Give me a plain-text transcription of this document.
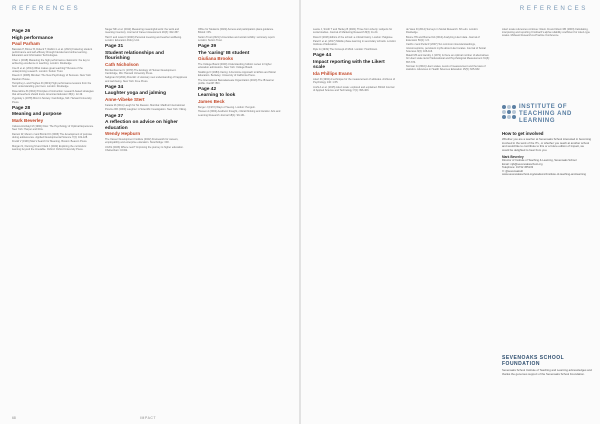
REFERENCES
Page 26
High performance
Paul Parham

Bazelais P, Binner B, Doleck T, Rahimi L et al. (2021) Fostering student performance and self-efficacy through blended and online learning. Education and Information Technologies.

Chen L (2018) Mastering the high performance classroom: the key to achieving excellence in teaching. London: Routledge.

Coe R et al. (2014) What makes great teaching? Review of the underpinning research. London: Sutton Trust.

Dweck C (2006) Mindset: The New Psychology of Success. New York: Random House.

Humphrey L and Hughes R (2019) High performance lessons from the field: understanding your best. London: Routledge.

Rosenshine B (2012) Principles of instruction: research-based strategies that all teachers should know. American Educator 36(1): 12-19.

Vygotsky L (1978) Mind in Society. Cambridge, MA: Harvard University Press.

Page 28
Meaning and purpose
Mark Beverley

Csikszentmihalyi M (1990) Flow: The Psychology of Optimal Experience. New York: Harper and Row.

Damon W, Menon J and Bronk KC (2003) The development of purpose during adolescence. Applied Developmental Science 7(3): 119-128.

Frankl V (1946) Man's Search for Meaning. Boston: Beacon Press.

Morgan N, Fleming M and Clark J (2022) Exploring the curriculum: learning beyond the timetable. Oxford: Oxford University Press.

Steger MF et al. (2012) Measuring meaningful work: the work and meaning inventory. Journal of Career Assessment 20(3): 322-337.

Hart K and Laws N (2020) Personal meaning and teacher wellbeing. London: Education Policy Unit.

Page 31
Student relationships and flourishing
Cath Nicholson

Bronfenbrenner U (1979) The Ecology of Human Development. Cambridge, MA: Harvard University Press.

Seligman M (2011) Flourish: A visionary new understanding of happiness and well-being. New York: Free Press.

Page 34
Laughter yoga and jalming
Anne-Vibeke Stert

Kataria M (2011) Laugh for No Reason. Mumbai: Madhuri International.

Provine RR (2000) Laughter: A Scientific Investigation. New York: Viking.

Page 37
A reflection on advice on higher education
Wendy Hepburn

The Career Development Institute (2022) Framework for careers, employability and enterprise education. Stourbridge: CDI.

UCAS (2023) Where next? Improving the journey to higher education. Cheltenham: UCAS.

Office for Students (2022) Access and participation plans guidance. Bristol: OfS.

Sutton Trust (2021) Universities and social mobility: summary report. London: Sutton Trust.

Page 39
The 'caring' IB student
Giuliana Brooks

The College Board (2020) Understanding holistic review in higher education admissions. New York: College Board.

Noddings N (1984) Caring: A Feminine Approach to Ethics and Moral Education. Berkeley: University of California Press.

The International Baccalaureate Organization (2013) The IB learner profile. Cardiff: IBO.

Page 42
Learning to look
James Beck

Berger J (1972) Ways of Seeing. London: Penguin.

Housen A (2002) Aesthetic thought, critical thinking and transfer. Arts and Learning Research Journal 18(1): 99-131.

68	IMPACT
REFERENCES

Laurie J, Smith T and Hanley B (2021) Three from Liberty: subjects for social studies. Journal of Marketing Research 8(3): 11-24.

Ross D (2016) Ethics of the school: a critical history. London: Palgrave.

Patel K et al. (2017) Middle phase learning in secondary schools. London: Institute of Education.

Ryle G (1949) The Concept of Mind. London: Hutchinson.

Page 44
Impact reporting with the Likert scale
Ida Phillips Evans

Likert R (1932) A technique for the measurement of attitudes. Archives of Psychology 140: 1-55.

Joshi A et al. (2015) Likert scale: explored and explained. British Journal of Applied Science and Technology 7(4): 396-403.

de Vaus D (2014) Surveys in Social Research. 6th edn. London: Routledge.

Boone HN and Boone DA (2012) Analyzing Likert data. Journal of Extension 50(2): 1-5.

Carifio J and Perla R (2007) Ten common misunderstandings, misconceptions, persistent myths about Likert scales. Journal of Social Sciences 3(3): 106-116.

Matell MS and Jacoby J (1971) Is there an optimal number of alternatives for Likert scale items? Educational and Psychological Measurement 31(3): 657-674.

Norman G (2010) Likert scales, levels of measurement and the laws of statistics. Advances in Health Sciences Education 15(5): 625-632.

Likert scale references continue: Gliem JA and Gliem RR (2003) Calculating, interpreting and reporting Cronbach's alpha reliability coefficient for Likert-type scales. Midwest Research-to-Practice Conference.

INSTITUTE OF
TEACHING AND LEARNING
How to get involved

Whether you are a teacher at Sevenoaks School interested in becoming involved in the work of the ITL, or whether you teach at another school and would like to contribute to this or a future edition of Impact, we would be delighted to hear from you.

Mark Beverley
Director of Institute of Teaching & Learning, Sevenoaks School
Email: mjb@sevenoaksschool.org
Telephone: 01732 455133
X: @sevenoaksitl
www.sevenoaksschool.org/academic/institute-of-teaching-and-learning
SEVENOAKS SCHOOL
FOUNDATION
Sevenoaks School Institute of Teaching and Learning acknowledges and thanks the generous support of the Sevenoaks School Foundation.
